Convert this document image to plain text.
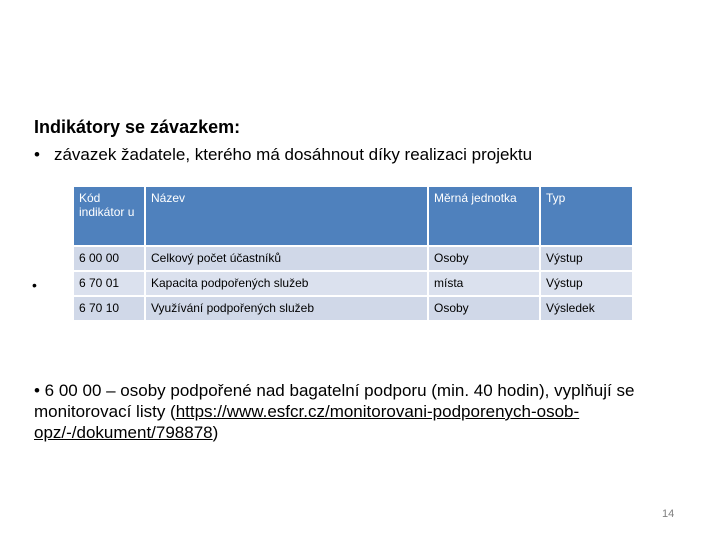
Indikátory se závazkem:
• závazek žadatele, kterého má dosáhnout díky realizaci projektu
•
Kód indikátor u	Název	Měrná jednotka	Typ
6 00 00	Celkový počet účastníků	Osoby	Výstup
6 70 01	Kapacita podpořených služeb	místa	Výstup
6 70 10	Využívání podpořených služeb	Osoby	Výsledek
• 6 00 00 – osoby podpořené nad bagatelní podporu (min. 40 hodin), vyplňují se monitorovací listy (https://www.esfcr.cz/monitorovani-podporenych-osob-opz/-/dokument/798878)
14
